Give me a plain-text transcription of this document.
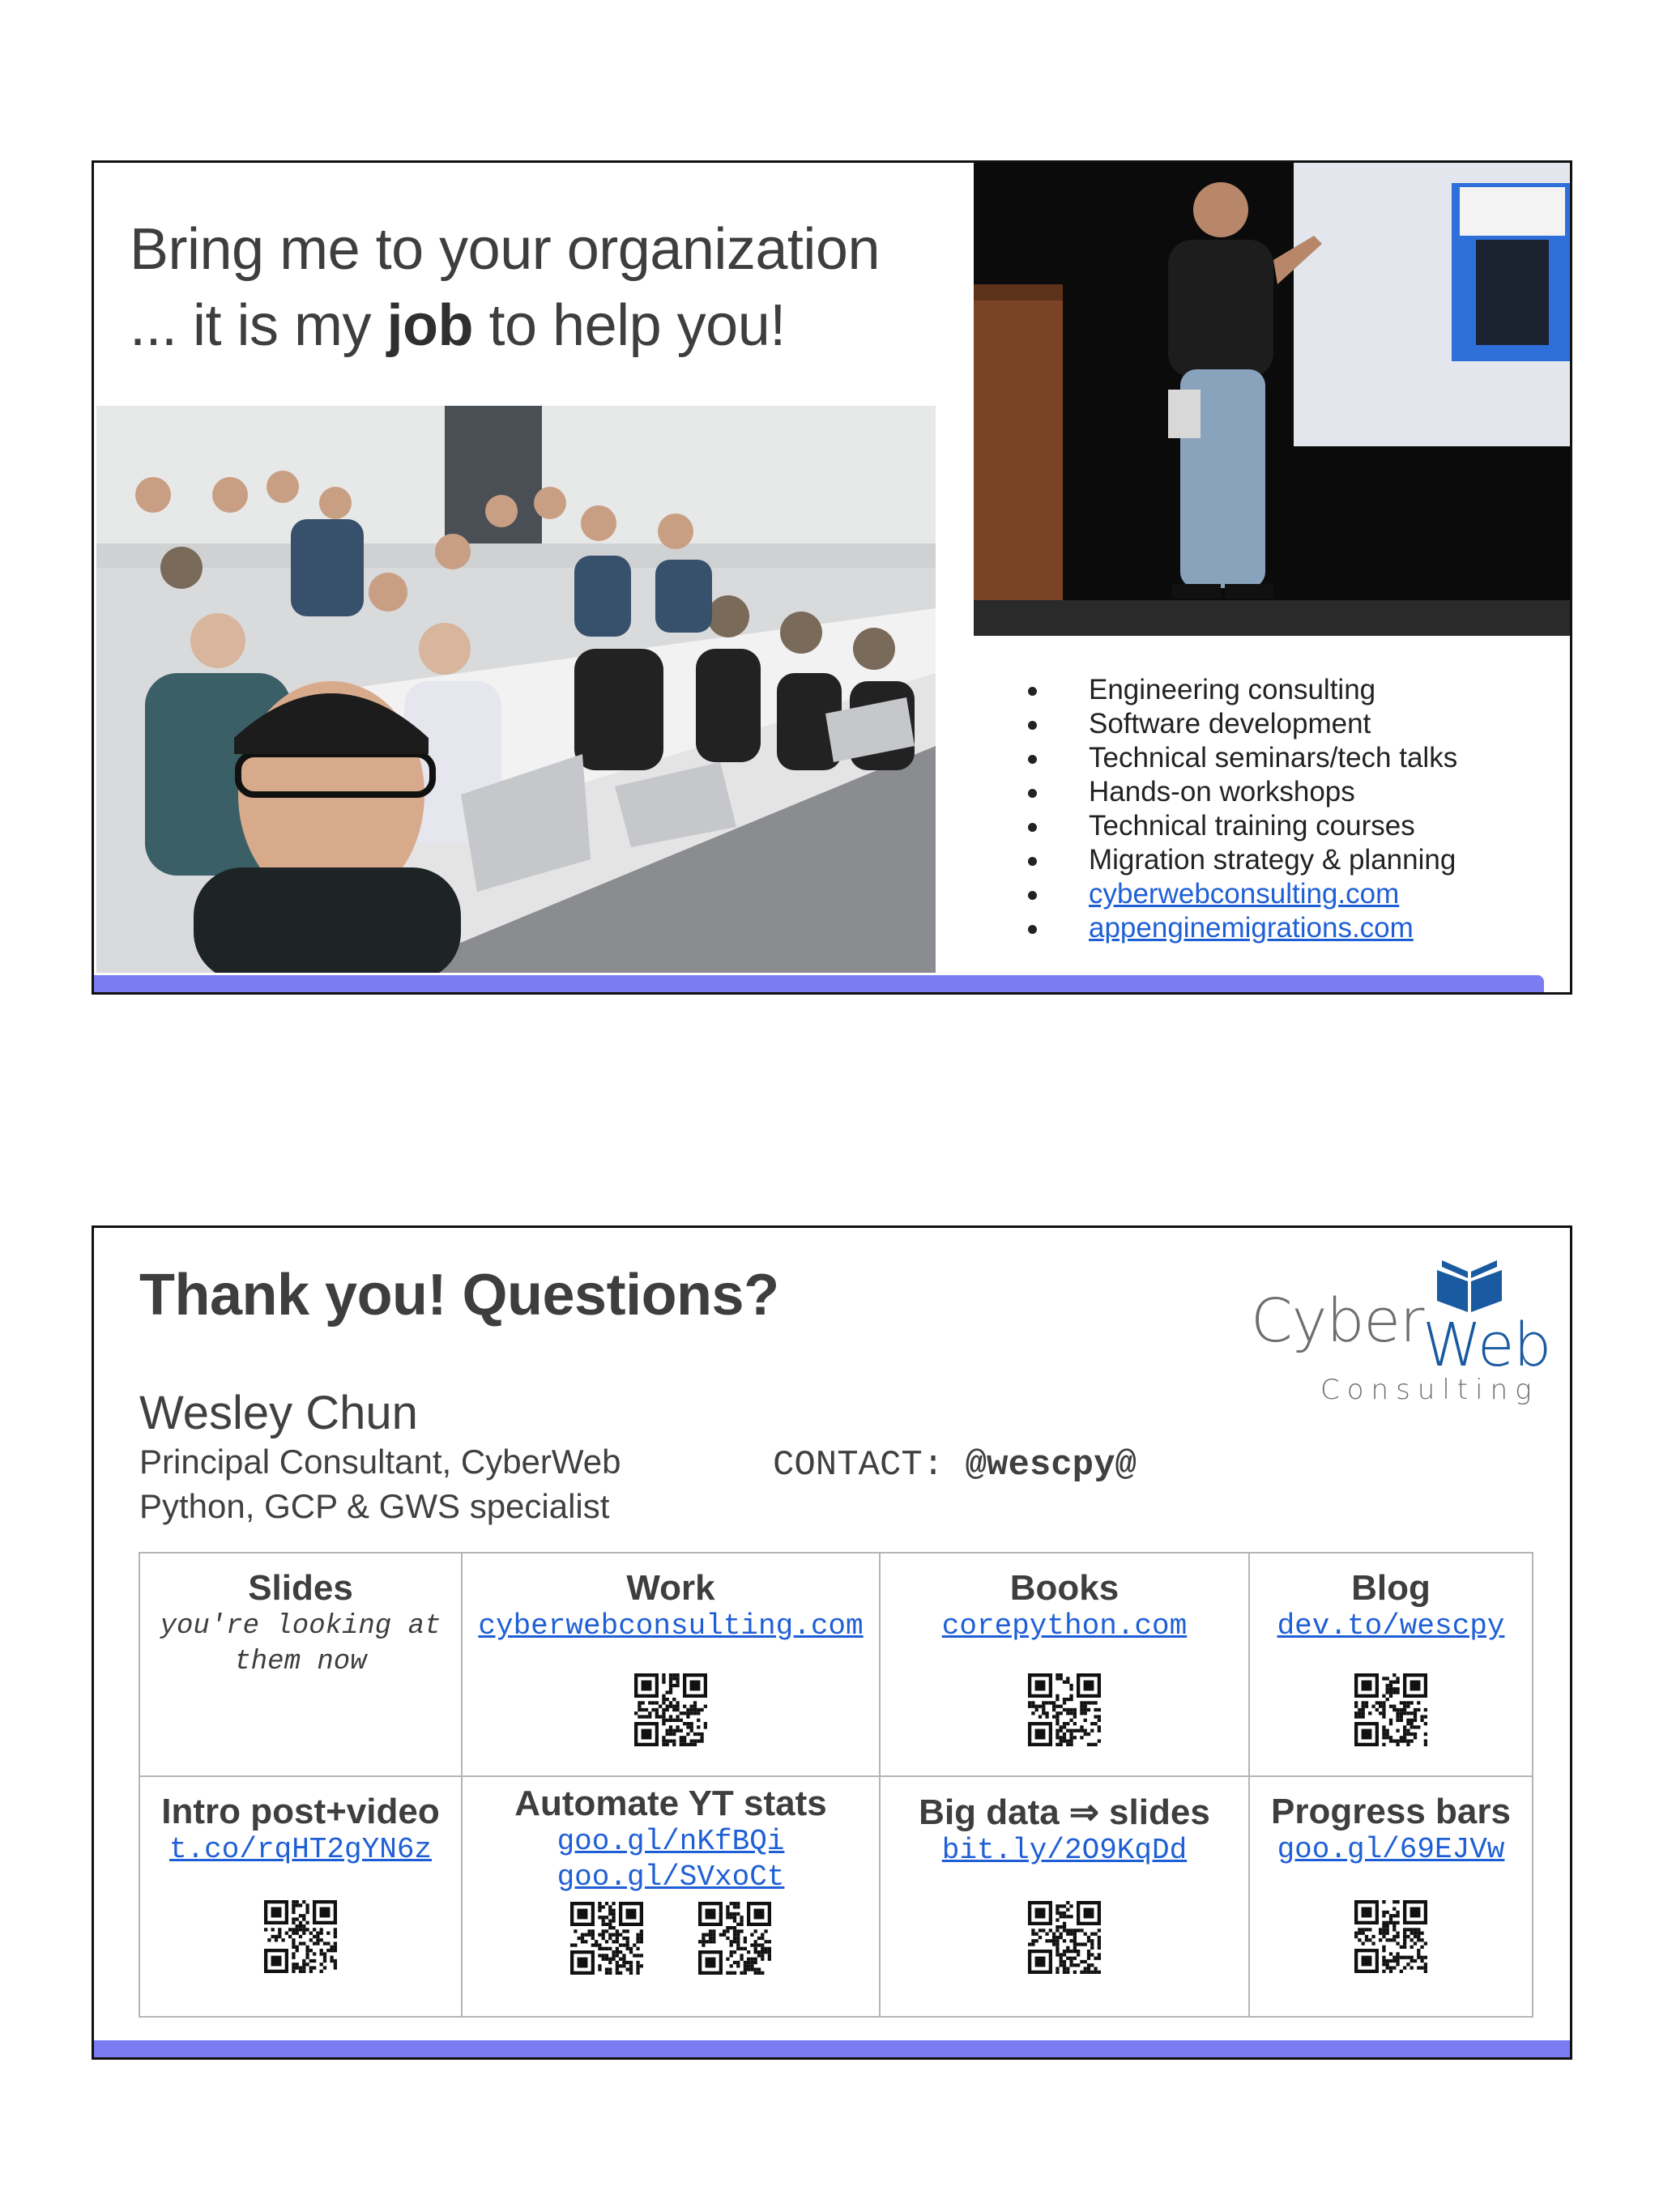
Bring me to your organization
... it is my job to help you!
Engineering consulting
Software development
Technical seminars/tech talks
Hands-on workshops
Technical training courses
Migration strategy & planning
cyberwebconsulting.com
appenginemigrations.com
Thank you! Questions?
Wesley Chun
Principal Consultant, CyberWeb
Python, GCP & GWS specialist
CONTACT: @wescpy@
Cyber
Web
Consulting
Slides
you're looking at
them now
Work
cyberwebconsulting.com
Books
corepython.com
Blog
dev.to/wescpy
Intro post+video
t.co/rqHT2gYN6z
Automate YT stats
goo.gl/nKfBQi
goo.gl/SVxoCt
Big data ⇒ slides
bit.ly/2O9KqDd
Progress bars
goo.gl/69EJVw
